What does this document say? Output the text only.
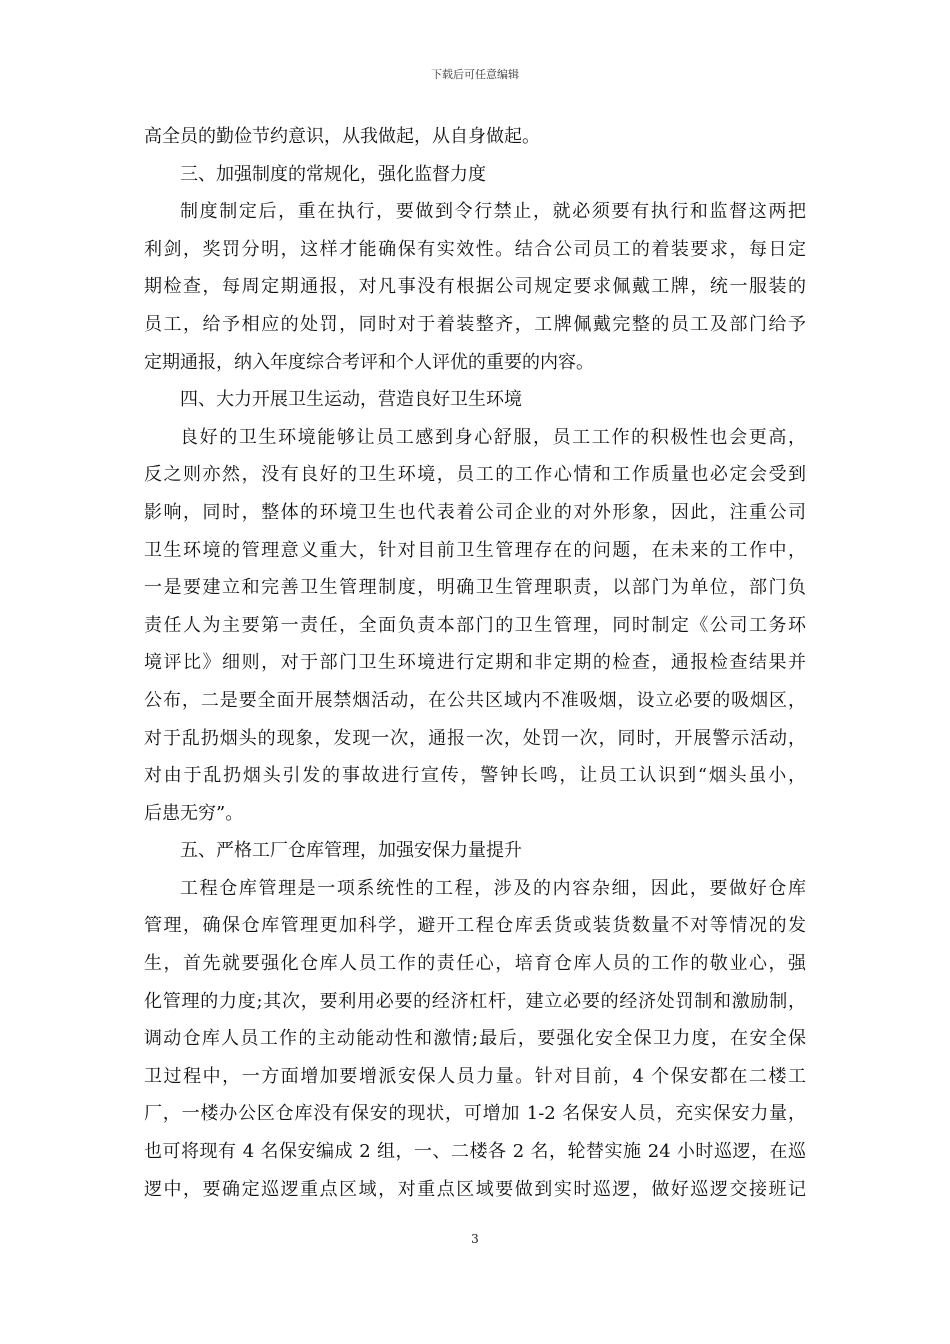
下载后可任意编辑
高全员的勤俭节约意识，从我做起，从自身做起。
三、加强制度的常规化，强化监督力度
制度制定后，重在执行，要做到令行禁止，就必须要有执行和监督这两把
利剑，奖罚分明，这样才能确保有实效性。结合公司员工的着装要求，每日定
期检查，每周定期通报，对凡事没有根据公司规定要求佩戴工牌，统一服装的
员工，给予相应的处罚，同时对于着装整齐，工牌佩戴完整的员工及部门给予
定期通报，纳入年度综合考评和个人评优的重要的内容。
四、大力开展卫生运动，营造良好卫生环境
良好的卫生环境能够让员工感到身心舒服，员工工作的积极性也会更高，
反之则亦然，没有良好的卫生环境，员工的工作心情和工作质量也必定会受到
影响，同时，整体的环境卫生也代表着公司企业的对外形象，因此，注重公司
卫生环境的管理意义重大，针对目前卫生管理存在的问题，在未来的工作中，
一是要建立和完善卫生管理制度，明确卫生管理职责，以部门为单位，部门负
责任人为主要第一责任，全面负责本部门的卫生管理，同时制定《公司工务环
境评比》细则，对于部门卫生环境进行定期和非定期的检查，通报检查结果并
公布，二是要全面开展禁烟活动，在公共区域内不准吸烟，设立必要的吸烟区，
对于乱扔烟头的现象，发现一次，通报一次，处罚一次，同时，开展警示活动，
对由于乱扔烟头引发的事故进行宣传，警钟长鸣，让员工认识到“烟头虽小，
后患无穷”。
五、严格工厂仓库管理，加强安保力量提升
工程仓库管理是一项系统性的工程，涉及的内容杂细，因此，要做好仓库
管理，确保仓库管理更加科学，避开工程仓库丢货或装货数量不对等情况的发
生，首先就要强化仓库人员工作的责任心，培育仓库人员的工作的敬业心，强
化管理的力度;其次，要利用必要的经济杠杆，建立必要的经济处罚制和激励制，
调动仓库人员工作的主动能动性和激情;最后，要强化安全保卫力度，在安全保
卫过程中，一方面增加要增派安保人员力量。针对目前，4 个保安都在二楼工
厂，一楼办公区仓库没有保安的现状，可增加 1-2 名保安人员，充实保安力量，
也可将现有 4 名保安编成 2 组，一、二楼各 2 名，轮替实施 24 小时巡逻，在巡
逻中，要确定巡逻重点区域，对重点区域要做到实时巡逻，做好巡逻交接班记
3
